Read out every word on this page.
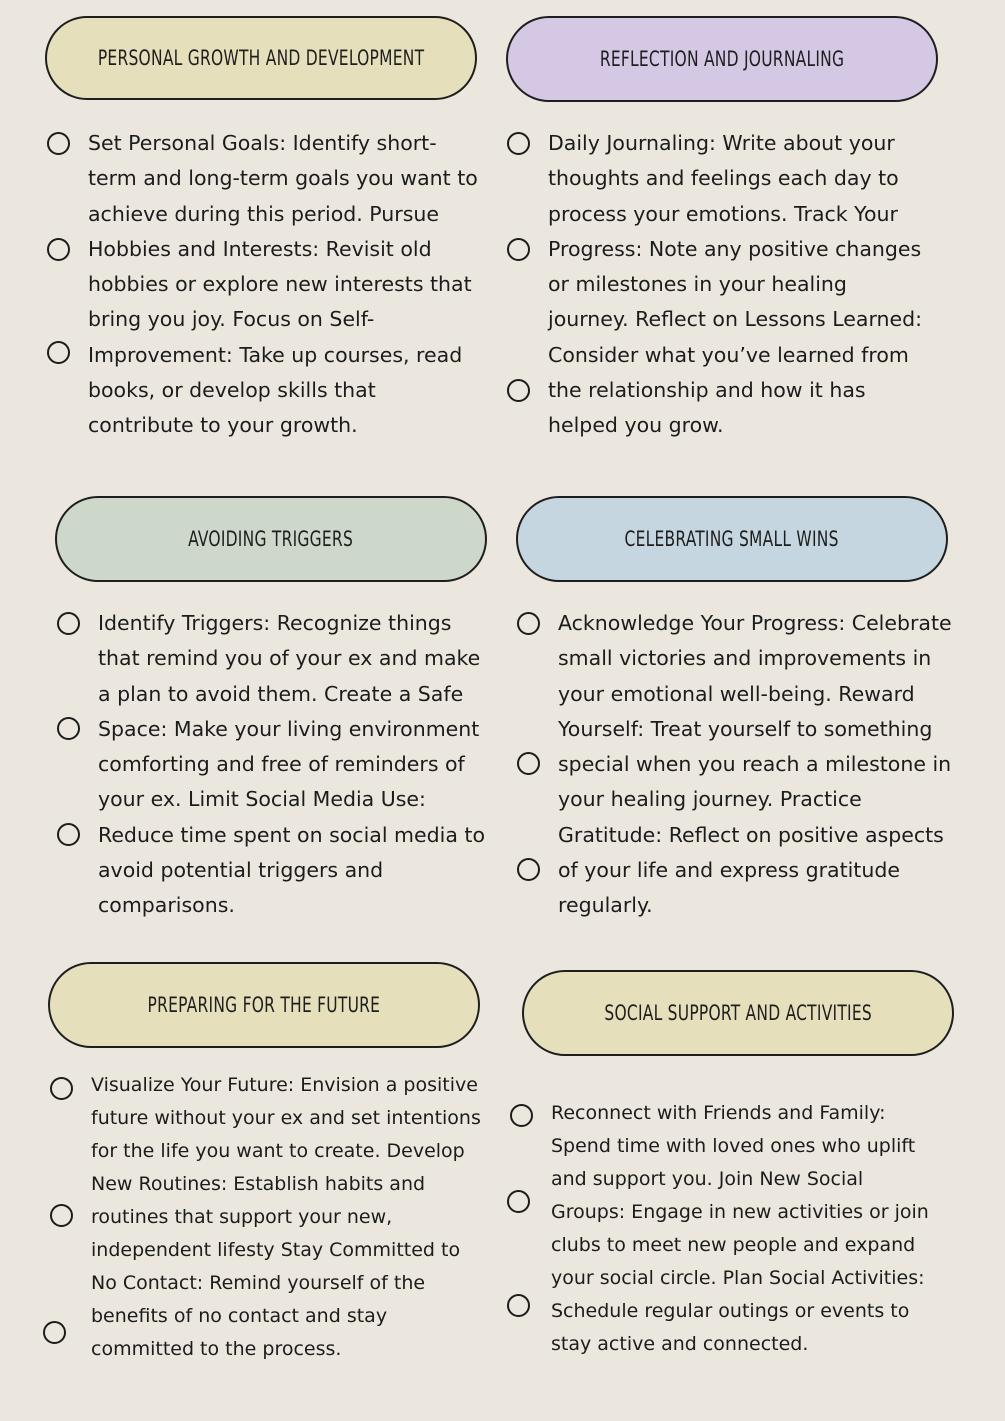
PERSONAL GROWTH AND DEVELOPMENT

Set Personal Goals: Identify short-term and long-term goals you want to achieve during this period. Pursue Hobbies and Interests: Revisit old hobbies or explore new interests that bring you joy. Focus on Self-Improvement: Take up courses, read books, or develop skills that contribute to your growth.

REFLECTION AND JOURNALING

Daily Journaling: Write about your thoughts and feelings each day to process your emotions. Track Your Progress: Note any positive changes or milestones in your healing journey. Reflect on Lessons Learned: Consider what you’ve learned from the relationship and how it has helped you grow.

AVOIDING TRIGGERS

Identify Triggers: Recognize things that remind you of your ex and make a plan to avoid them. Create a Safe Space: Make your living environment comforting and free of reminders of your ex. Limit Social Media Use: Reduce time spent on social media to avoid potential triggers and comparisons.

CELEBRATING SMALL WINS

Acknowledge Your Progress: Celebrate small victories and improvements in your emotional well-being. Reward Yourself: Treat yourself to something special when you reach a milestone in your healing journey. Practice Gratitude: Reflect on positive aspects of your life and express gratitude regularly.

PREPARING FOR THE FUTURE

Visualize Your Future: Envision a positive future without your ex and set intentions for the life you want to create. Develop New Routines: Establish habits and routines that support your new, independent lifesty Stay Committed to No Contact: Remind yourself of the benefits of no contact and stay committed to the process.

SOCIAL SUPPORT AND ACTIVITIES

Reconnect with Friends and Family: Spend time with loved ones who uplift and support you. Join New Social Groups: Engage in new activities or join clubs to meet new people and expand your social circle. Plan Social Activities: Schedule regular outings or events to stay active and connected.
